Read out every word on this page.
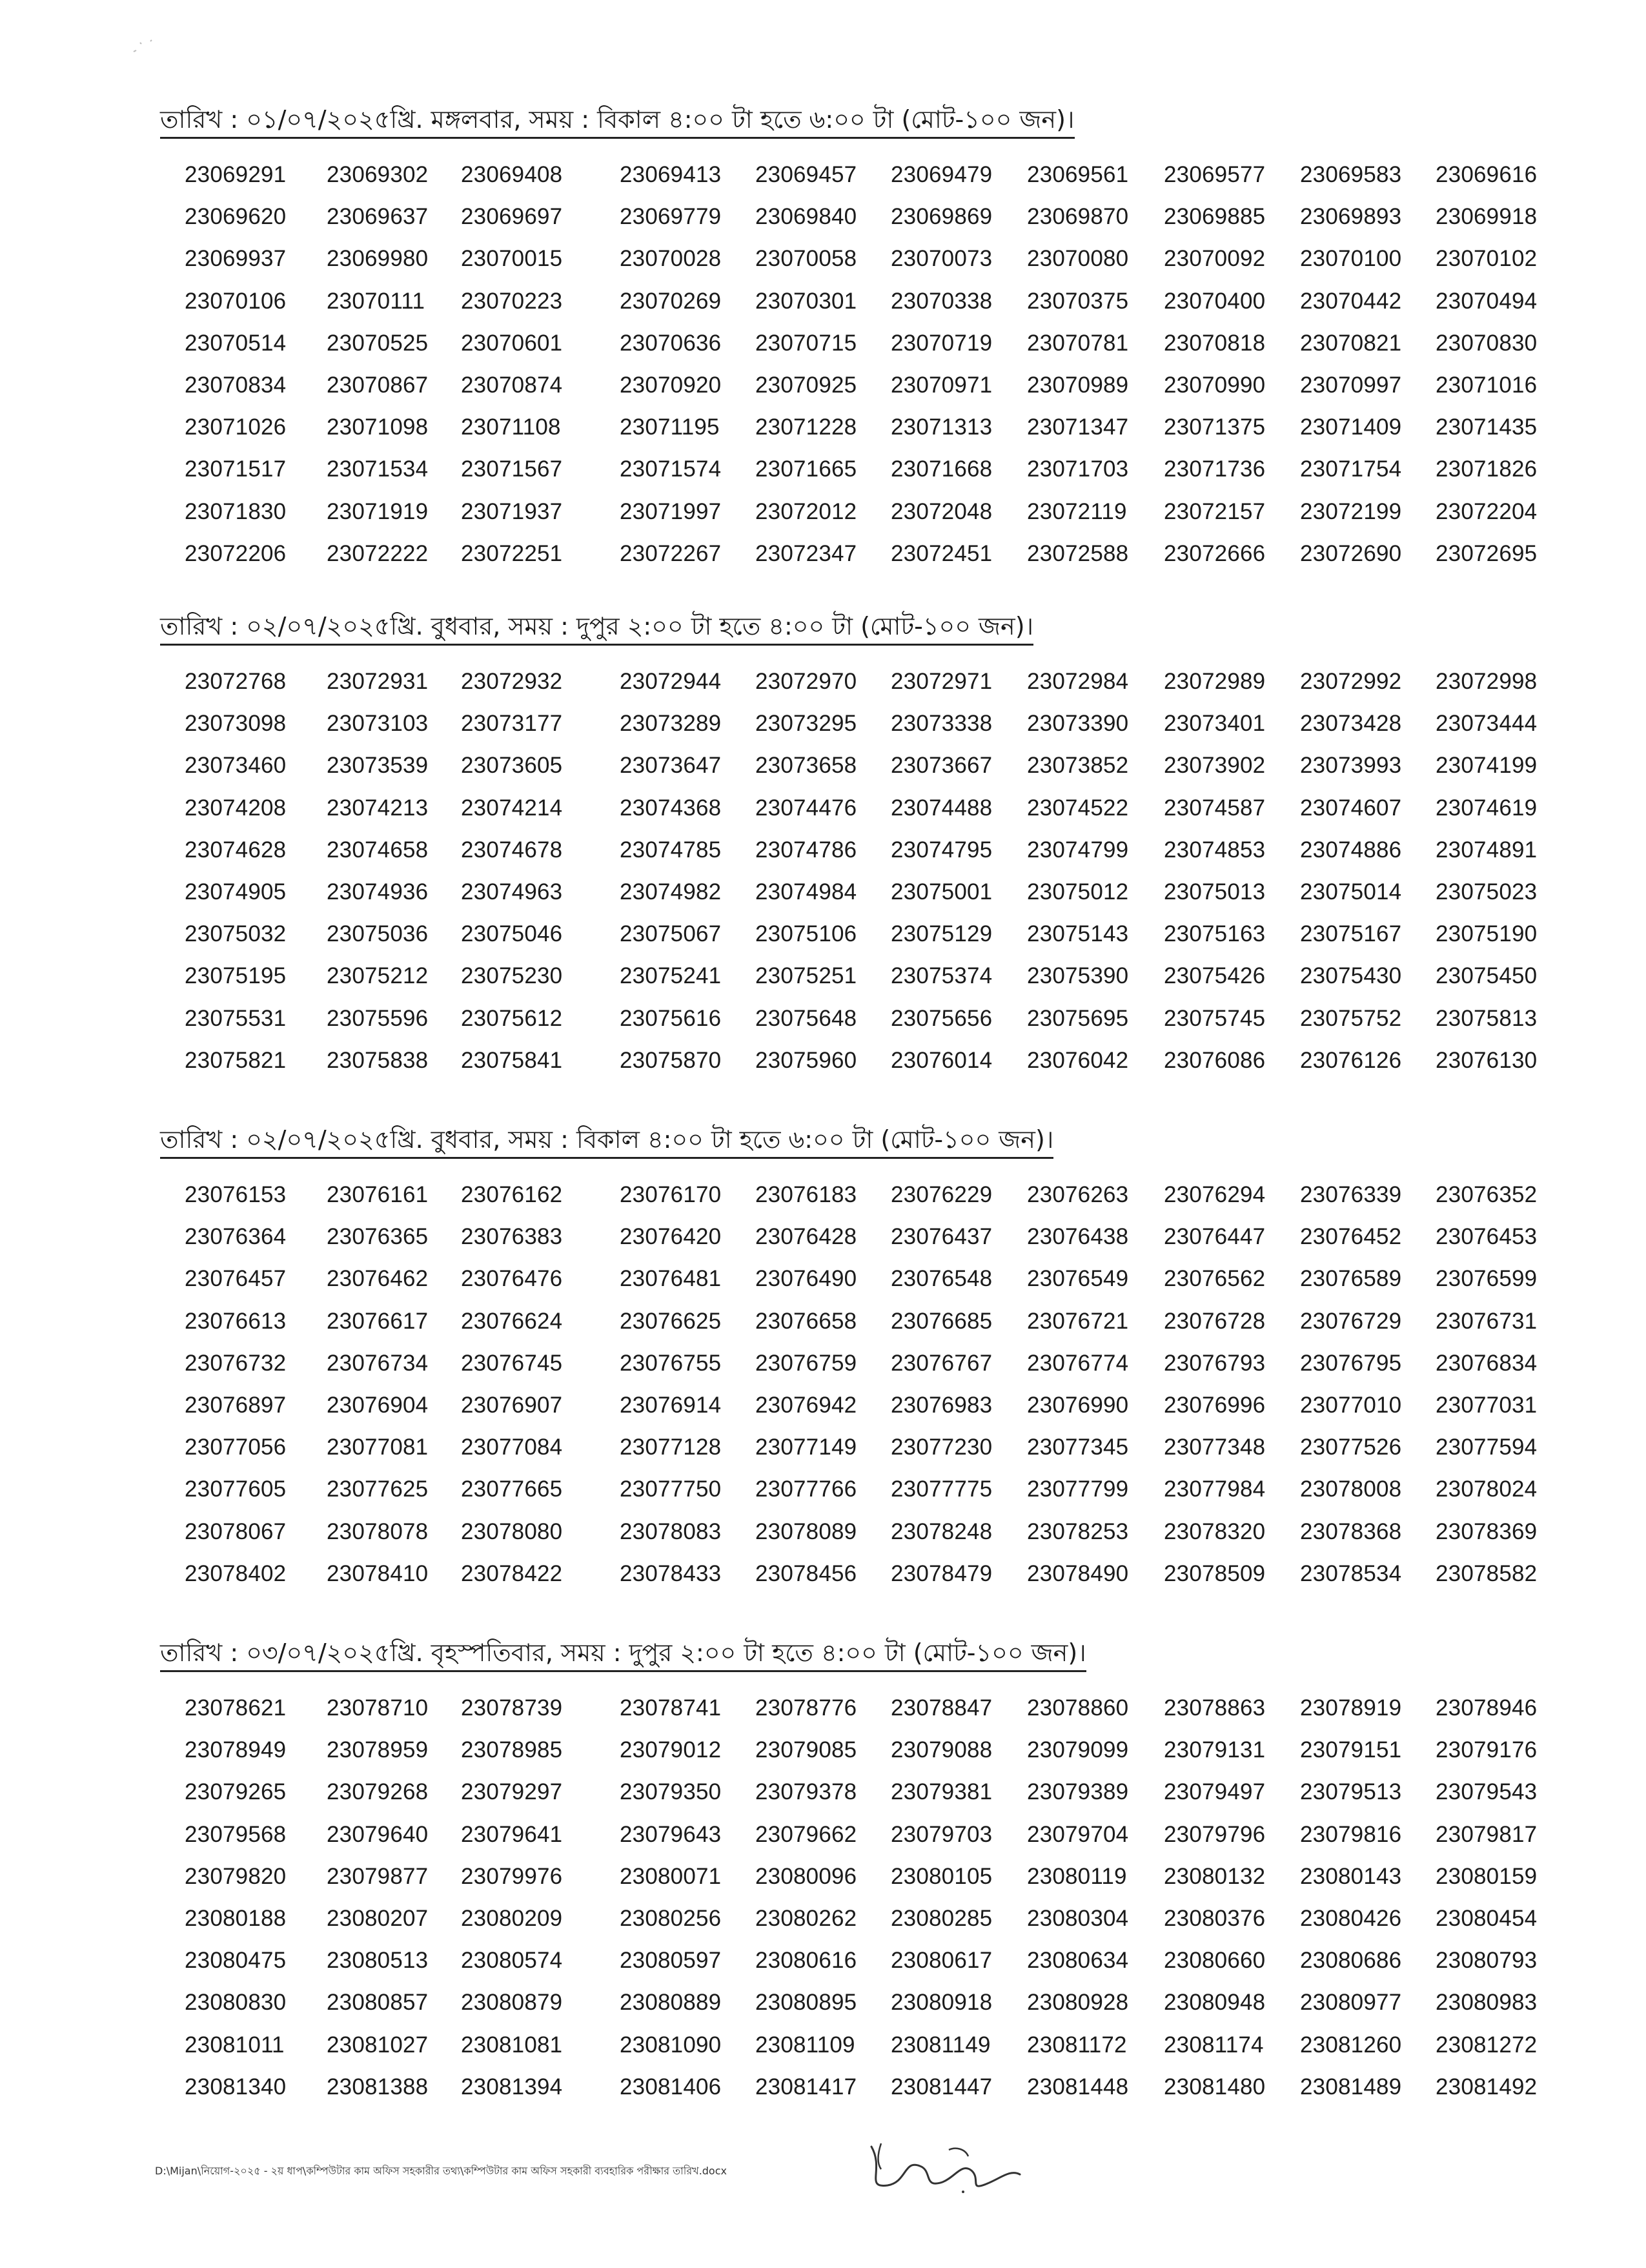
তারিখ : ০১/০৭/২০২৫খ্রি. মঙ্গলবার, সময় : বিকাল ৪:০০ টা হতে ৬:০০ টা (মোট-১০০ জন)।
23069291 23069302 23069408	23069413 23069457 23069479 23069561 23069577 23069583 23069616
23069620 23069637 23069697	23069779 23069840 23069869 23069870 23069885 23069893 23069918
23069937 23069980 23070015	23070028 23070058 23070073 23070080 23070092 23070100 23070102
23070106 23070111 23070223	23070269 23070301 23070338 23070375 23070400 23070442 23070494
23070514 23070525 23070601	23070636 23070715 23070719 23070781 23070818 23070821 23070830
23070834 23070867 23070874	23070920 23070925 23070971 23070989 23070990 23070997 23071016
23071026 23071098 23071108	23071195 23071228 23071313 23071347 23071375 23071409 23071435
23071517 23071534 23071567	23071574 23071665 23071668 23071703 23071736 23071754 23071826
23071830 23071919 23071937	23071997 23072012 23072048 23072119 23072157 23072199 23072204
23072206 23072222 23072251	23072267 23072347 23072451 23072588 23072666 23072690 23072695
তারিখ : ০২/০৭/২০২৫খ্রি. বুধবার, সময় : দুপুর ২:০০ টা হতে ৪:০০ টা (মোট-১০০ জন)।
23072768 23072931 23072932	23072944 23072970 23072971 23072984 23072989 23072992 23072998
23073098 23073103 23073177	23073289 23073295 23073338 23073390 23073401 23073428 23073444
23073460 23073539 23073605	23073647 23073658 23073667 23073852 23073902 23073993 23074199
23074208 23074213 23074214	23074368 23074476 23074488 23074522 23074587 23074607 23074619
23074628 23074658 23074678	23074785 23074786 23074795 23074799 23074853 23074886 23074891
23074905 23074936 23074963	23074982 23074984 23075001 23075012 23075013 23075014 23075023
23075032 23075036 23075046	23075067 23075106 23075129 23075143 23075163 23075167 23075190
23075195 23075212 23075230	23075241 23075251 23075374 23075390 23075426 23075430 23075450
23075531 23075596 23075612	23075616 23075648 23075656 23075695 23075745 23075752 23075813
23075821 23075838 23075841	23075870 23075960 23076014 23076042 23076086 23076126 23076130
তারিখ : ০২/০৭/২০২৫খ্রি. বুধবার, সময় : বিকাল ৪:০০ টা হতে ৬:০০ টা (মোট-১০০ জন)।
23076153 23076161 23076162	23076170 23076183 23076229 23076263 23076294 23076339 23076352
23076364 23076365 23076383	23076420 23076428 23076437 23076438 23076447 23076452 23076453
23076457 23076462 23076476	23076481 23076490 23076548 23076549 23076562 23076589 23076599
23076613 23076617 23076624	23076625 23076658 23076685 23076721 23076728 23076729 23076731
23076732 23076734 23076745	23076755 23076759 23076767 23076774 23076793 23076795 23076834
23076897 23076904 23076907	23076914 23076942 23076983 23076990 23076996 23077010 23077031
23077056 23077081 23077084	23077128 23077149 23077230 23077345 23077348 23077526 23077594
23077605 23077625 23077665	23077750 23077766 23077775 23077799 23077984 23078008 23078024
23078067 23078078 23078080	23078083 23078089 23078248 23078253 23078320 23078368 23078369
23078402 23078410 23078422	23078433 23078456 23078479 23078490 23078509 23078534 23078582
তারিখ : ০৩/০৭/২০২৫খ্রি. বৃহস্পতিবার, সময় : দুপুর ২:০০ টা হতে ৪:০০ টা (মোট-১০০ জন)।
23078621 23078710 23078739	23078741 23078776 23078847 23078860 23078863 23078919 23078946
23078949 23078959 23078985	23079012 23079085 23079088 23079099 23079131 23079151 23079176
23079265 23079268 23079297	23079350 23079378 23079381 23079389 23079497 23079513 23079543
23079568 23079640 23079641	23079643 23079662 23079703 23079704 23079796 23079816 23079817
23079820 23079877 23079976	23080071 23080096 23080105 23080119 23080132 23080143 23080159
23080188 23080207 23080209	23080256 23080262 23080285 23080304 23080376 23080426 23080454
23080475 23080513 23080574	23080597 23080616 23080617 23080634 23080660 23080686 23080793
23080830 23080857 23080879	23080889 23080895 23080918 23080928 23080948 23080977 23080983
23081011 23081027 23081081	23081090 23081109 23081149 23081172 23081174 23081260 23081272
23081340 23081388 23081394	23081406 23081417 23081447 23081448 23081480 23081489 23081492
D:\Mijan\নিয়োগ-২০২৫ - ২য় ধাপ\কম্পিউটার কাম অফিস সহকারীর তথ্য\কম্পিউটার কাম অফিস সহকারী ব্যবহারিক পরীক্ষার তারিখ.docx
